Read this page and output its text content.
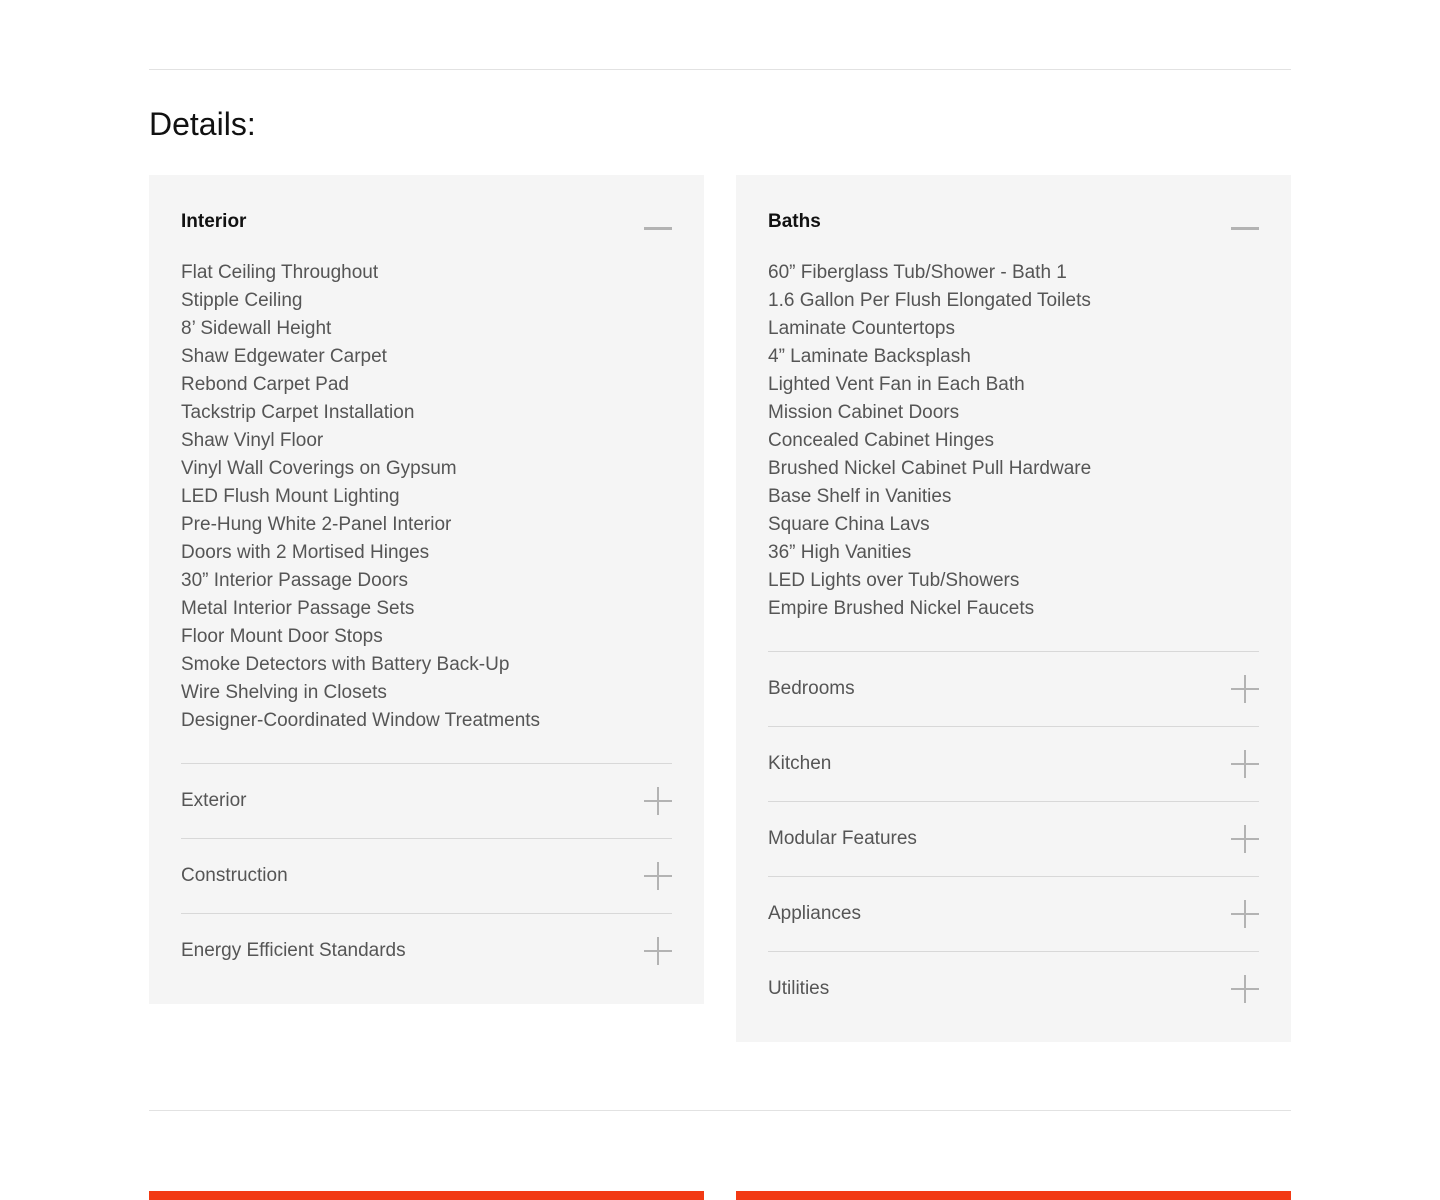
Details:
Interior
Flat Ceiling Throughout
Stipple Ceiling
8’ Sidewall Height
Shaw Edgewater Carpet
Rebond Carpet Pad
Tackstrip Carpet Installation
Shaw Vinyl Floor
Vinyl Wall Coverings on Gypsum
LED Flush Mount Lighting
Pre-Hung White 2-Panel Interior
Doors with 2 Mortised Hinges
30” Interior Passage Doors
Metal Interior Passage Sets
Floor Mount Door Stops
Smoke Detectors with Battery Back-Up
Wire Shelving in Closets
Designer-Coordinated Window Treatments
Exterior
Construction
Energy Efficient Standards
Baths
60” Fiberglass Tub/Shower - Bath 1
1.6 Gallon Per Flush Elongated Toilets
Laminate Countertops
4” Laminate Backsplash
Lighted Vent Fan in Each Bath
Mission Cabinet Doors
Concealed Cabinet Hinges
Brushed Nickel Cabinet Pull Hardware
Base Shelf in Vanities
Square China Lavs
36” High Vanities
LED Lights over Tub/Showers
Empire Brushed Nickel Faucets
Bedrooms
Kitchen
Modular Features
Appliances
Utilities
